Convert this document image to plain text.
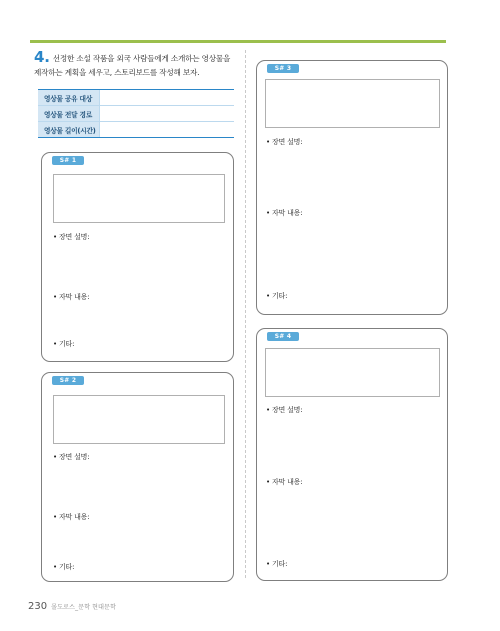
4. 선정한 소설 작품을 외국 사람들에게 소개하는 영상물을 제작하는 계획을 세우고, 스토리보드를 작성해 보자.
영상물 공유 대상
영상물 전달 경로
영상물 길이(시간)
S# 1
• 장면 설명:
• 자막 내용:
• 기타:
S# 2
• 장면 설명:
• 자막 내용:
• 기타:
S# 3
• 장면 설명:
• 자막 내용:
• 기타:
S# 4
• 장면 설명:
• 자막 내용:
• 기타:
230 몰도로스_문학 현대문학
